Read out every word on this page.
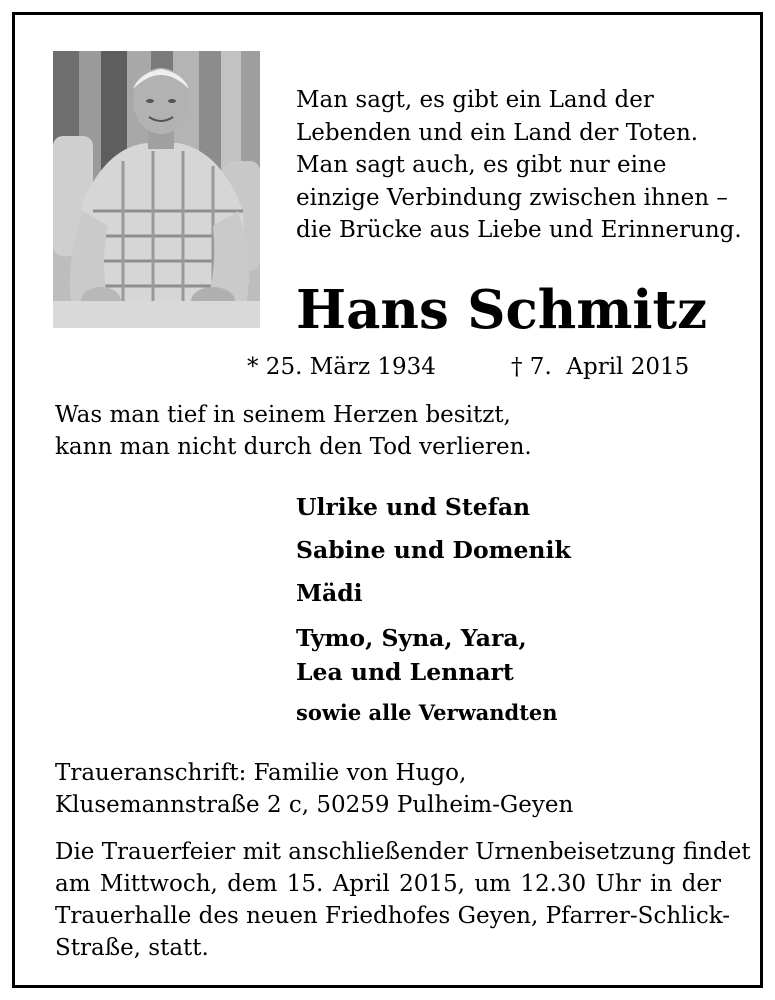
Man sagt, es gibt ein Land der
Lebenden und ein Land der Toten.
Man sagt auch, es gibt nur eine
einzige Verbindung zwischen ihnen –
die Brücke aus Liebe und Erinnerung.
Hans Schmitz
* 25. März 1934	† 7.  April 2015
Was man tief in seinem Herzen besitzt,
kann man nicht durch den Tod verlieren.
Ulrike und Stefan
Sabine und Domenik
Mädi
Tymo, Syna, Yara,
Lea und Lennart
sowie alle Verwandten
Traueranschrift: Familie von Hugo,
Klusemannstraße 2 c, 50259 Pulheim-Geyen
Die Trauerfeier mit anschließender Urnenbeisetzung findet
am Mittwoch, dem 15. April 2015, um 12.30 Uhr in der
Trauerhalle des neuen Friedhofes Geyen, Pfarrer-Schlick-
Straße, statt.
